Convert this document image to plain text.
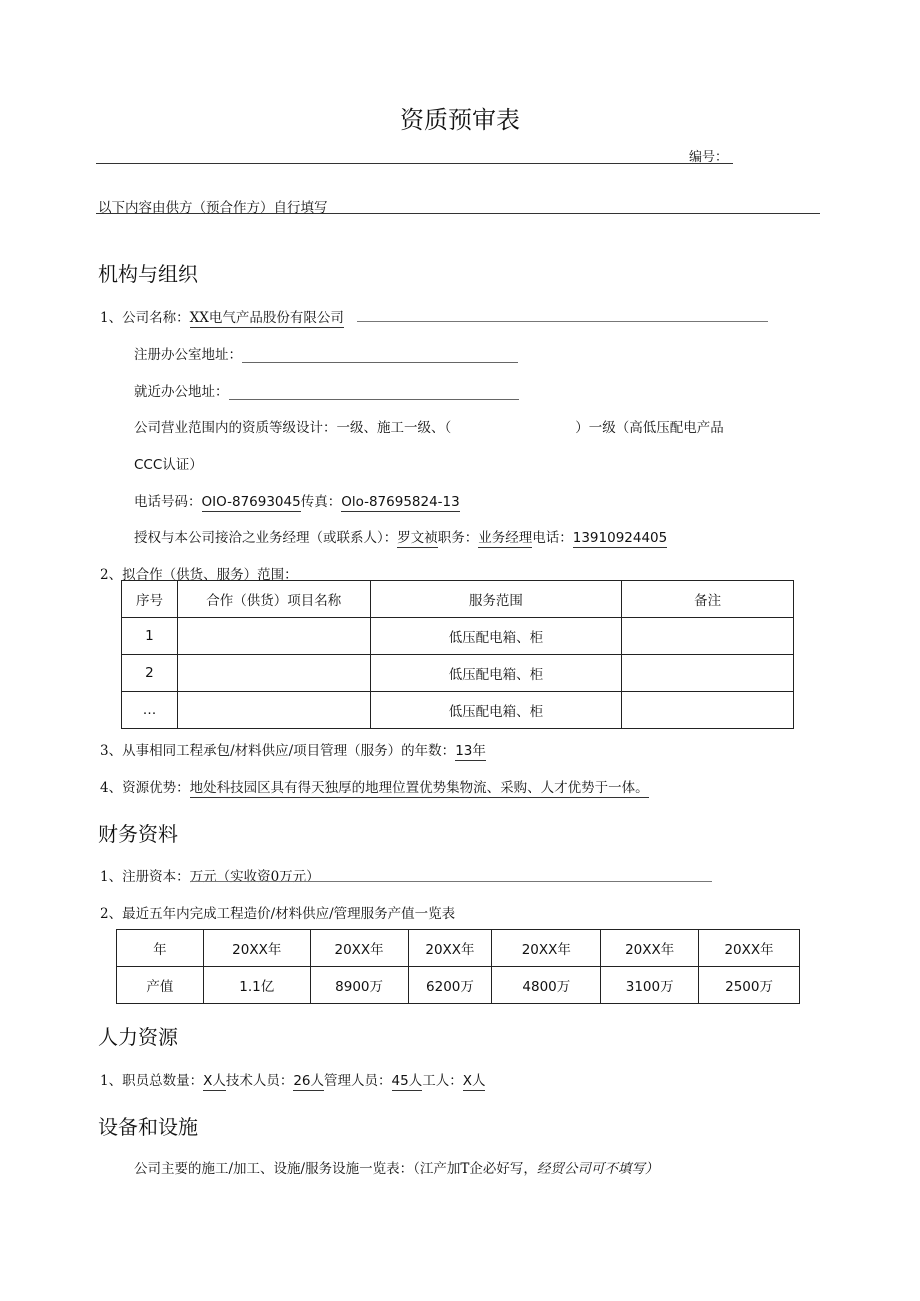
资质预审表
编号：
以下内容由供方（预合作方）自行填写
机构与组织
1、公司名称：XX电气产品股份有限公司
注册办公室地址：
就近办公地址：
公司营业范围内的资质等级设计：一级、施工一级、（	）一级（高低压配电产品
CCC认证）
电话号码：OIO-87693045传真：Olo-87695824-13
授权与本公司接洽之业务经理（或联系人）：罗文祯职务：业务经理电话：13910924405
2、拟合作（供货、服务）范围：
序号	合作（供货）项目名称	服务范围	备注
1		低压配电箱、柜	
2		低压配电箱、柜	
…		低压配电箱、柜	
3、从事相同工程承包/材料供应/项目管理（服务）的年数：13年
4、资源优势：地处科技园区具有得天独厚的地理位置优势集物流、采购、人才优势于一体。
财务资料
1、注册资本：万元（实收资0万元）
2、最近五年内完成工程造价/材料供应/管理服务产值一览表
年	20XX年	20XX年	20XX年	20XX年	20XX年	20XX年
产值	1.1亿	8900万	6200万	4800万	3100万	2500万
人力资源
1、职员总数量：X人技术人员：26人管理人员：45人工人：X人
设备和设施
公司主要的施工/加工、设施/服务设施一览表：（江产加T企必好写，经贸公司可不填写）
